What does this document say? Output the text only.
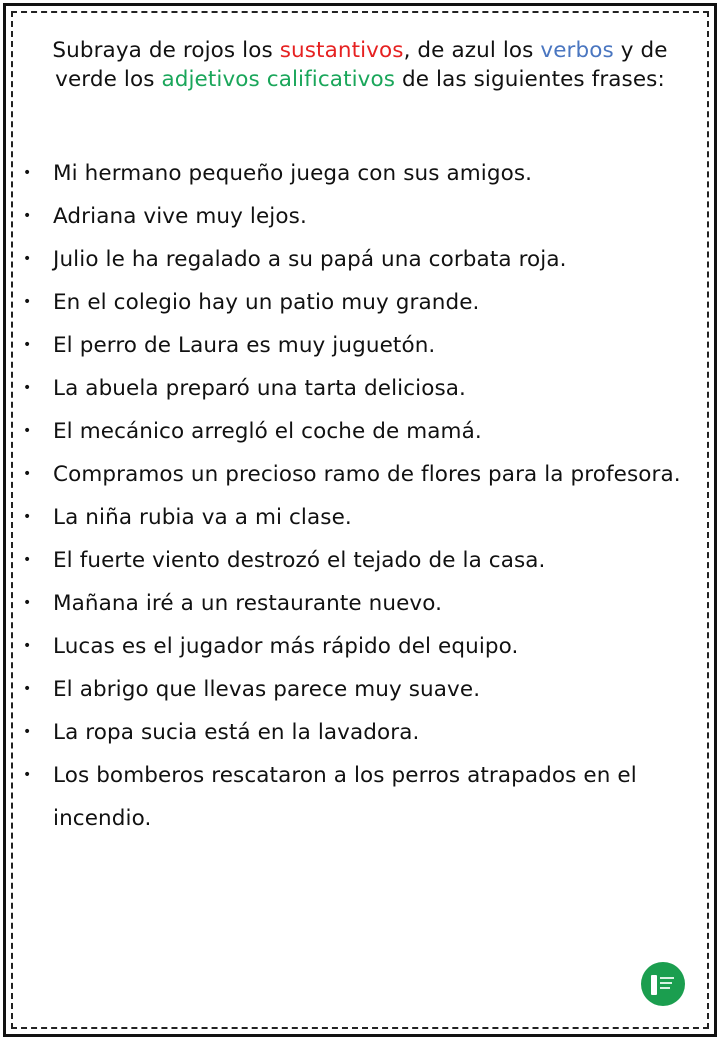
Subraya de rojos los sustantivos, de azul los verbos y de verde los adjetivos calificativos de las siguientes frases:
• Mi hermano pequeño juega con sus amigos.
• Adriana vive muy lejos.
• Julio le ha regalado a su papá una corbata roja.
• En el colegio hay un patio muy grande.
• El perro de Laura es muy juguetón.
• La abuela preparó una tarta deliciosa.
• El mecánico arregló el coche de mamá.
• Compramos un precioso ramo de flores para la profesora.
• La niña rubia va a mi clase.
• El fuerte viento destrozó el tejado de la casa.
• Mañana iré a un restaurante nuevo.
• Lucas es el jugador más rápido del equipo.
• El abrigo que llevas parece muy suave.
• La ropa sucia está en la lavadora.
• Los bomberos rescataron a los perros atrapados en el incendio.
